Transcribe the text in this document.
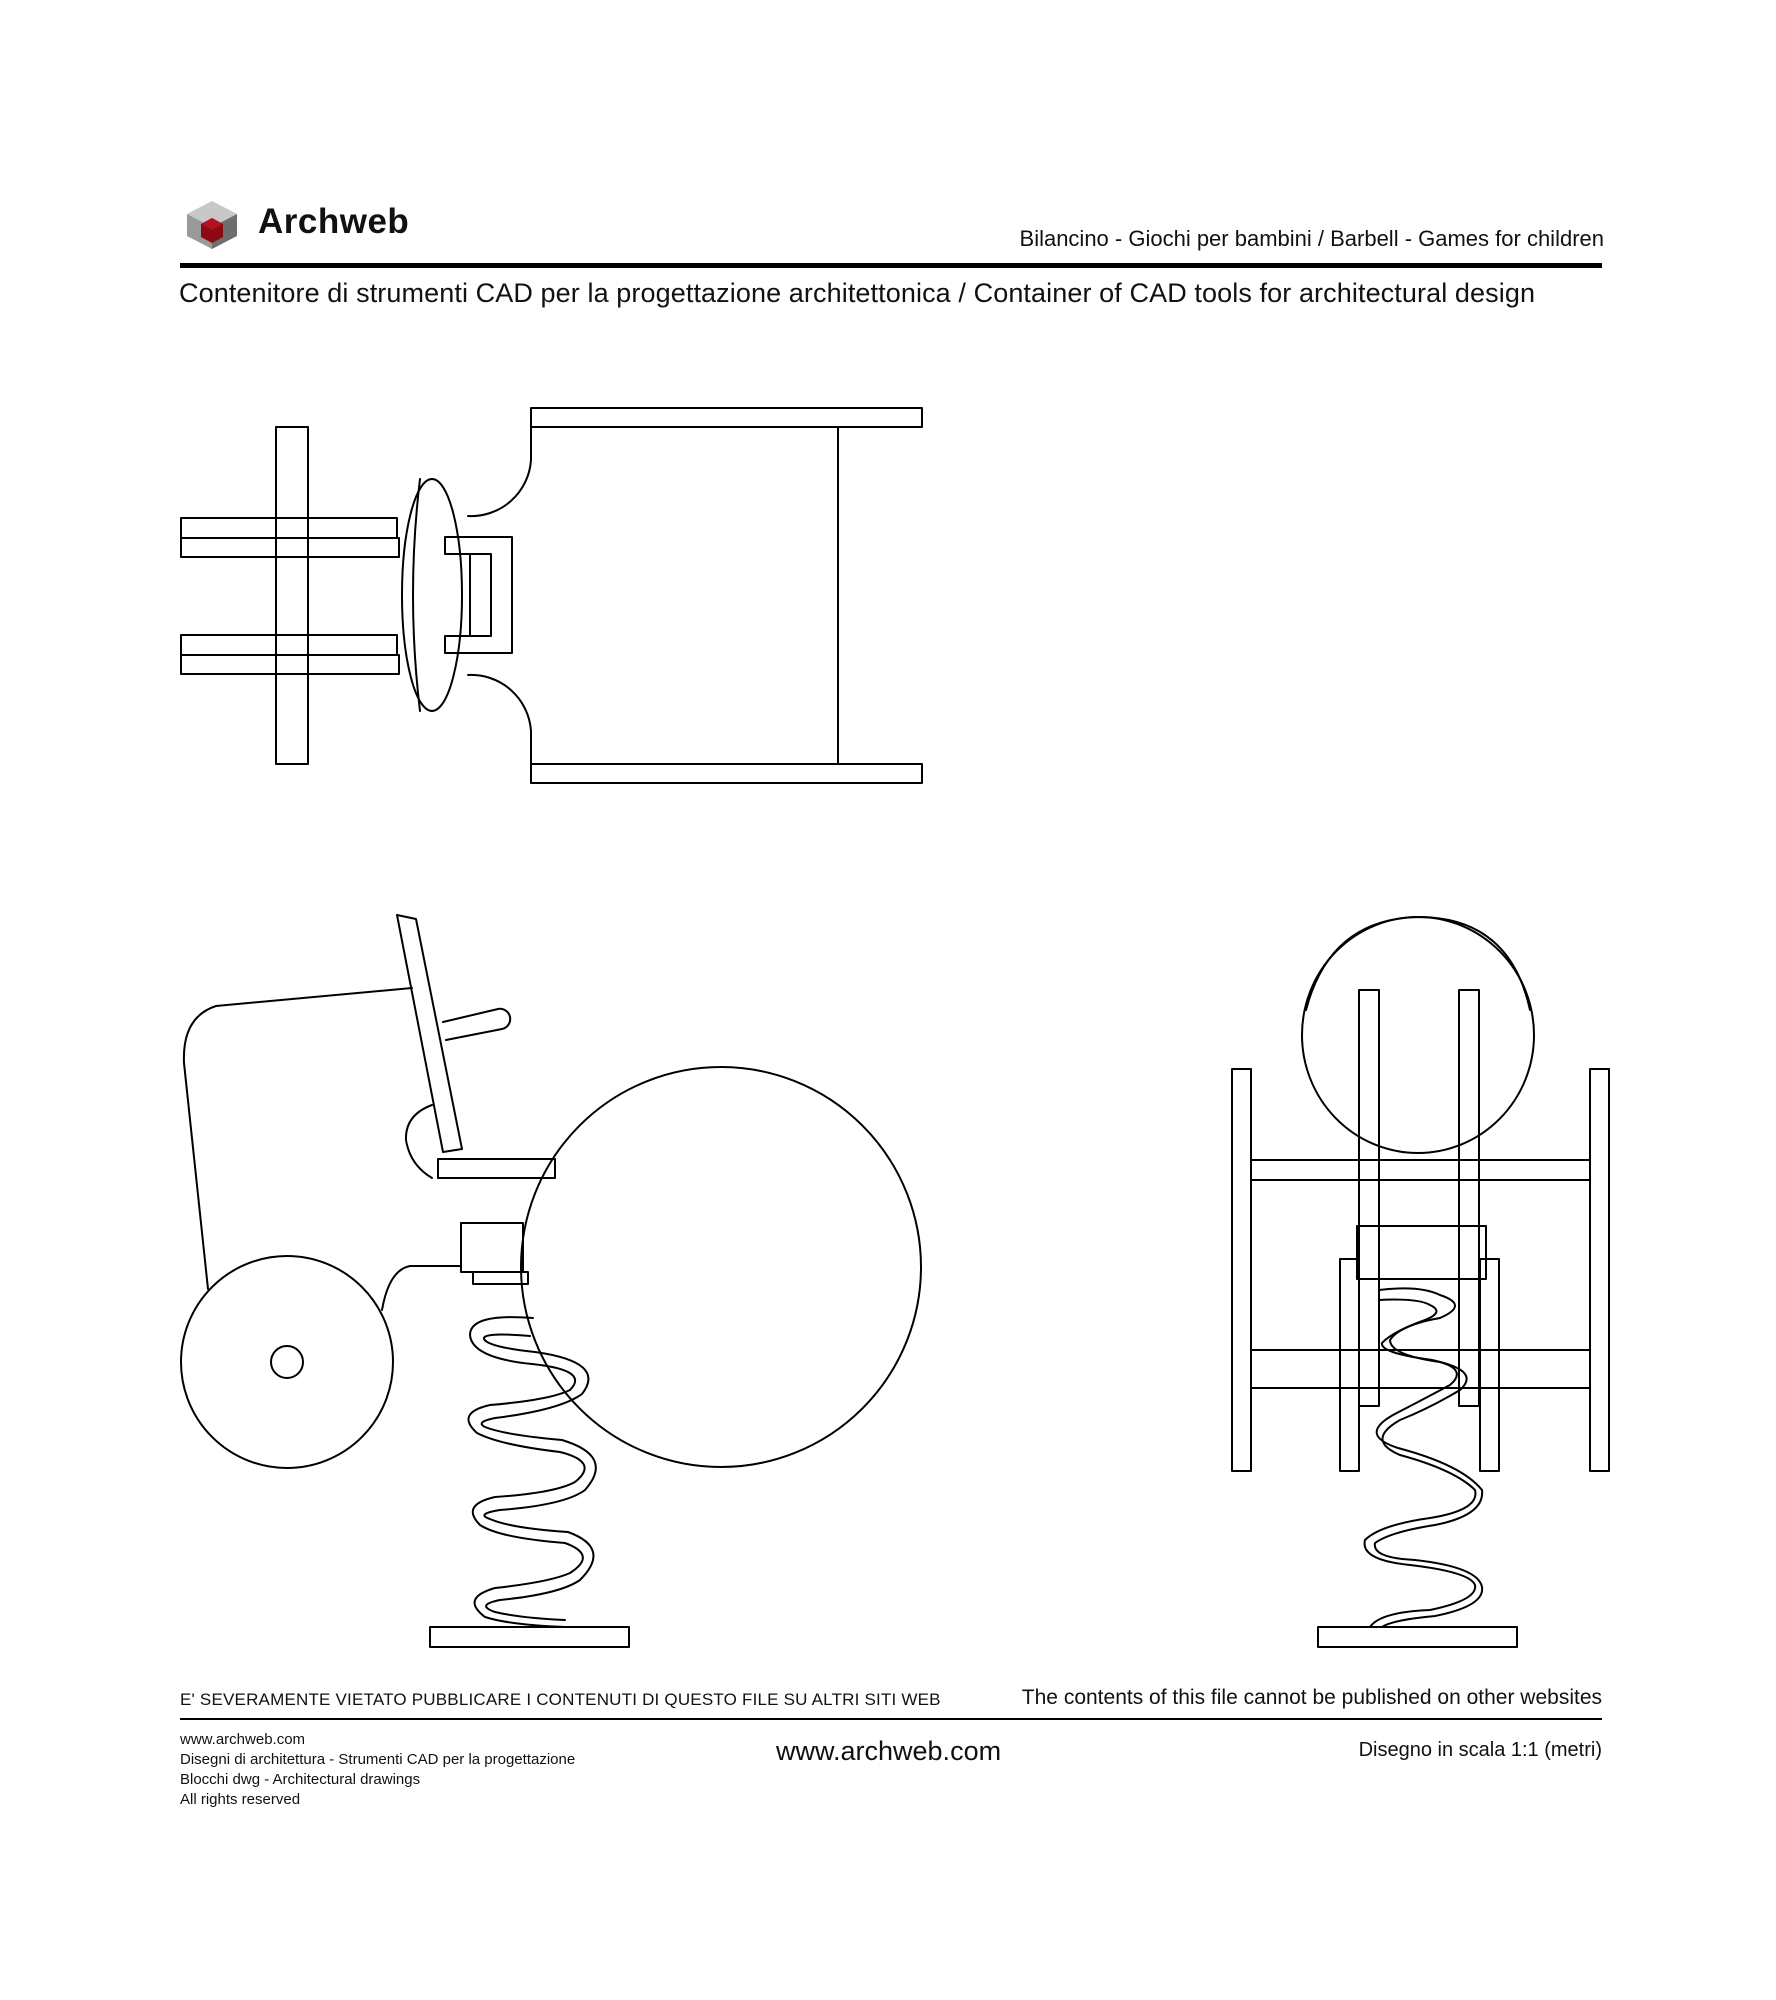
Archweb	Bilancino - Giochi per bambini / Barbell - Games for children
Contenitore di strumenti CAD per la progettazione architettonica / Container of CAD tools for architectural design
E' SEVERAMENTE VIETATO PUBBLICARE I CONTENUTI DI QUESTO FILE SU ALTRI SITI WEB	The contents of this file cannot be published on other websites
www.archweb.com
Disegni di architettura - Strumenti CAD per la progettazione
Blocchi dwg - Architectural drawings
All rights reserved
www.archweb.com	Disegno in scala 1:1 (metri)
